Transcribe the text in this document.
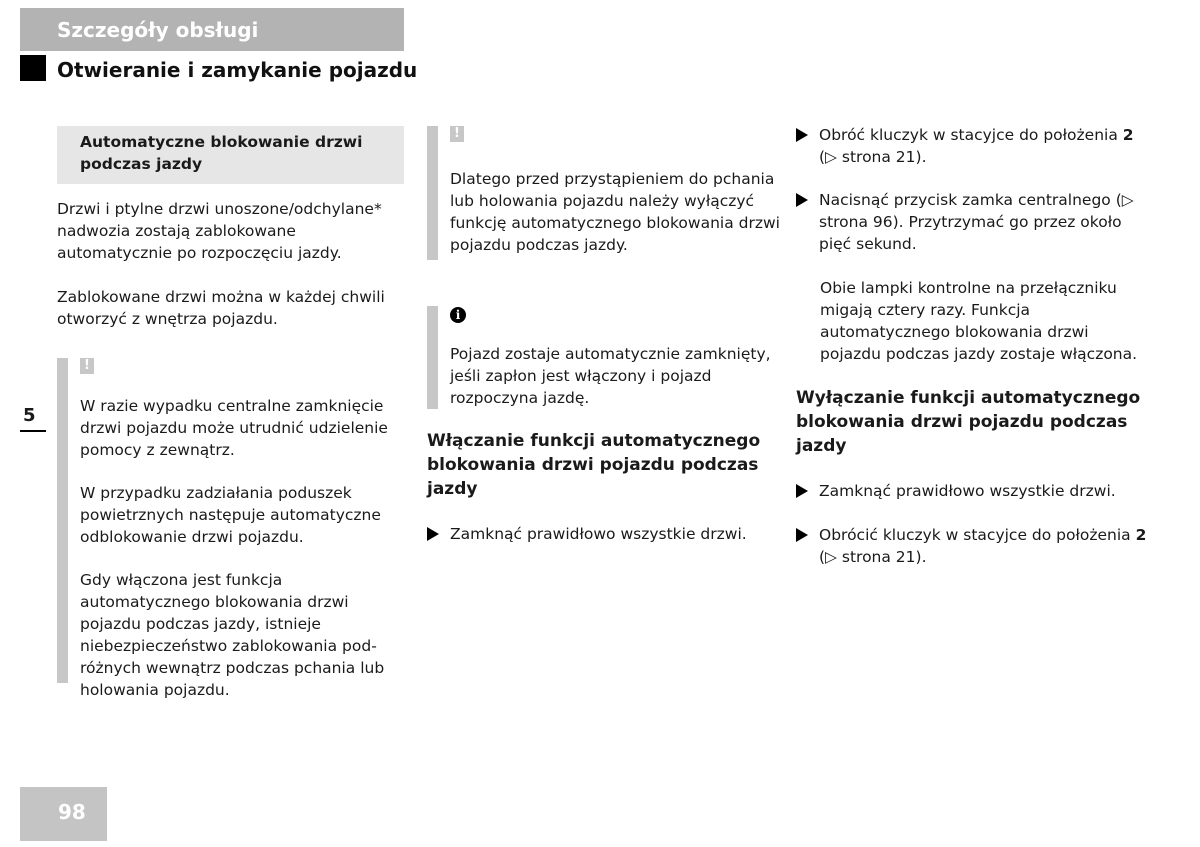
Szczegóły obsługi
Otwieranie i zamykanie pojazdu
5
98
Automatyczne blokowanie drzwi podczas jazdy

Drzwi i ptylne drzwi unoszone/odchylane* nadwozia zostają zablokowane automatycznie po rozpoczęciu jazdy.

Zablokowane drzwi można w każdej chwili otworzyć z wnętrza pojazdu.

!

W razie wypadku centralne zamknięcie drzwi pojazdu może utrudnić udzielenie pomocy z zewnątrz.

W przypadku zadziałania poduszek powietrznych następuje automatyczne odblokowanie drzwi pojazdu.

Gdy włączona jest funkcja automatycznego blokowania drzwi pojazdu podczas jazdy, istnieje niebezpieczeństwo zablokowania podróżnych wewnątrz podczas pchania lub holowania pojazdu.

!

Dlatego przed przystąpieniem do pchania lub holowania pojazdu należy wyłączyć funkcję automatycznego blokowania drzwi pojazdu podczas jazdy.

i

Pojazd zostaje automatycznie zamknięty, jeśli zapłon jest włączony i pojazd rozpoczyna jazdę.

Włączanie funkcji automatycznego blokowania drzwi pojazdu podczas jazdy

Zamknąć prawidłowo wszystkie drzwi.
Obróć kluczyk w stacyjce do położenia 2
(▷ strona 21).
Nacisnąć przycisk zamka centralnego (▷ strona 96). Przytrzymać go przez około pięć sekund.

Obie lampki kontrolne na przełączniku migają cztery razy. Funkcja automatycznego blokowania drzwi pojazdu podczas jazdy zostaje włączona.

Wyłączanie funkcji automatycznego blokowania drzwi pojazdu podczas jazdy

Zamknąć prawidłowo wszystkie drzwi.
Obrócić kluczyk w stacyjce do położenia 2
(▷ strona 21).
